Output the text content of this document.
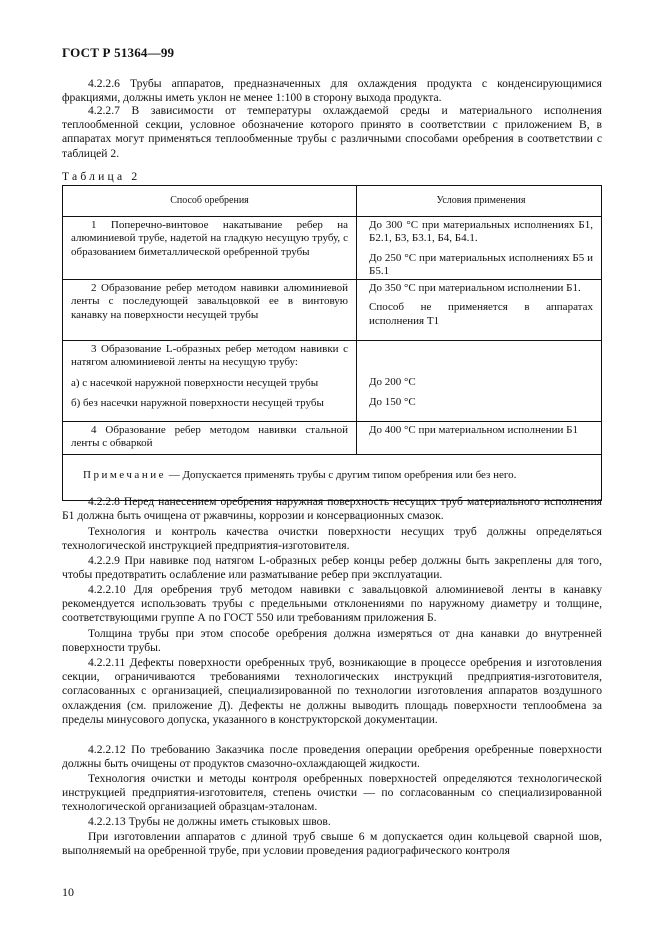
ГОСТ Р 51364—99

4.2.2.6 Трубы аппаратов, предназначенных для охлаждения продукта с конденсирующимися фракциями, должны иметь уклон не менее 1:100 в сторону выхода продукта.

4.2.2.7 В зависимости от температуры охлаждаемой среды и материального исполнения теплообменной секции, условное обозначение которого принято в соответствии с приложением В, в аппаратах могут применяться теплообменные трубы с различными способами оребрения в соответствии с таблицей 2.

Таблица 2
Способ оребрения	Условия применения
1 Поперечно-винтовое накатывание ребер на алюминиевой трубе, надетой на гладкую несущую трубу, с образованием биметаллической оребренной трубы
До 300 °С при материальных исполнениях Б1, Б2.1, Б3, Б3.1, Б4, Б4.1.
До 250 °С при материальных исполнениях Б5 и Б5.1
2 Образование ребер методом навивки алюминиевой ленты с последующей завальцовкой ее в винтовую канавку на поверхности несущей трубы
До 350 °С при материальном исполнении Б1.
Способ не применяется в аппаратах исполнения Т1
3 Образование L-образных ребер методом навивки с натягом алюминиевой ленты на несущую трубу:
а) с насечкой наружной поверхности несущей трубы
б) без насечки наружной поверхности несущей трубы
До 200 °С
До 150 °С
4 Образование ребер методом навивки стальной ленты с обваркой
До 400 °С при материальном исполнении Б1
Примечание — Допускается применять трубы с другим типом оребрения или без него.

4.2.2.8 Перед нанесением оребрения наружная поверхность несущих труб материального исполнения Б1 должна быть очищена от ржавчины, коррозии и консервационных смазок.

Технология и контроль качества очистки поверхности несущих труб должны определяться технологической инструкцией предприятия-изготовителя.

4.2.2.9 При навивке под натягом L-образных ребер концы ребер должны быть закреплены для того, чтобы предотвратить ослабление или разматывание ребер при эксплуатации.

4.2.2.10 Для оребрения труб методом навивки с завальцовкой алюминиевой ленты в канавку рекомендуется использовать трубы с предельными отклонениями по наружному диаметру и толщине, соответствующими группе А по ГОСТ 550 или требованиям приложения Б.

Толщина трубы при этом способе оребрения должна измеряться от дна канавки до внутренней поверхности трубы.

4.2.2.11 Дефекты поверхности оребренных труб, возникающие в процессе оребрения и изготовления секции, ограничиваются требованиями технологических инструкций предприятия-изготовителя, согласованных с организацией, специализированной по технологии изготовления аппаратов воздушного охлаждения (см. приложение Д). Дефекты не должны выводить площадь поверхности теплообмена за пределы минусового допуска, указанного в конструкторской документации.

4.2.2.12 По требованию Заказчика после проведения операции оребрения оребренные поверхности должны быть очищены от продуктов смазочно-охлаждающей жидкости.

Технология очистки и методы контроля оребренных поверхностей определяются технологической инструкцией предприятия-изготовителя, степень очистки — по согласованным со специализированной технологической организацией образцам-эталонам.

4.2.2.13 Трубы не должны иметь стыковых швов.

При изготовлении аппаратов с длиной труб свыше 6 м допускается один кольцевой сварной шов, выполняемый на оребренной трубе, при условии проведения радиографического контроля

10
